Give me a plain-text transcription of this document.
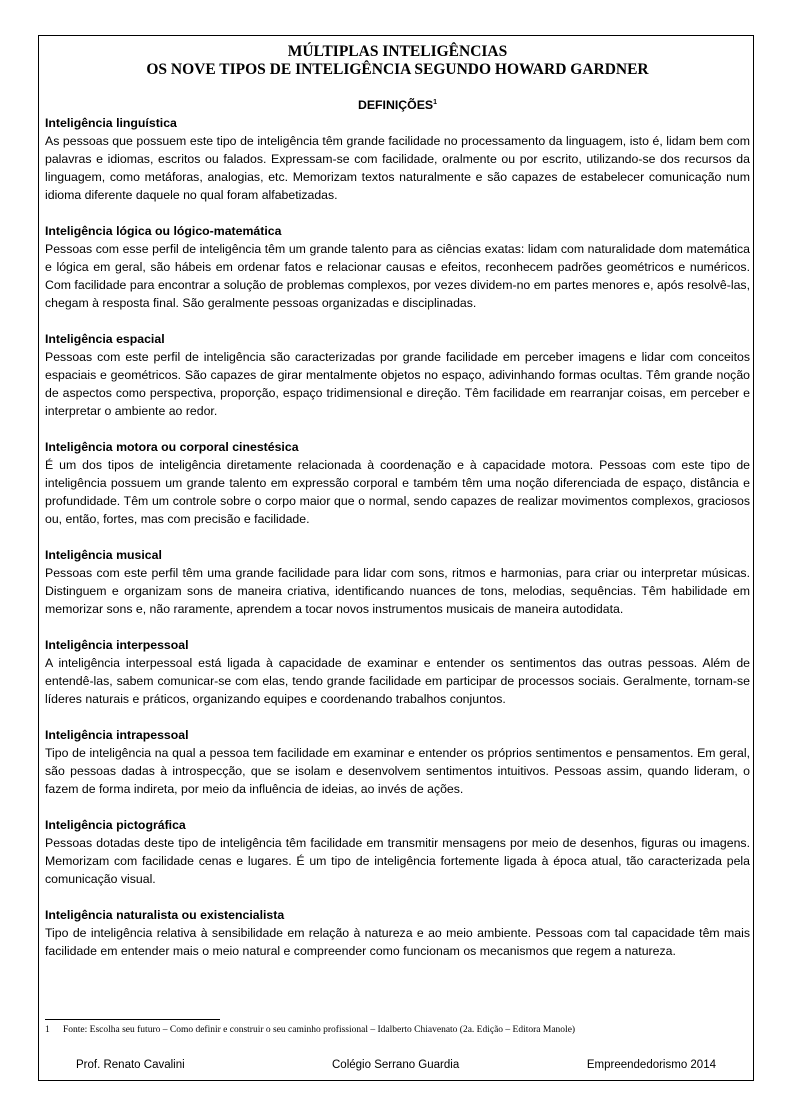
MÚLTIPLAS INTELIGÊNCIAS
OS NOVE TIPOS DE INTELIGÊNCIA SEGUNDO HOWARD GARDNER
DEFINIÇÕES$^1$
Inteligência linguística
As pessoas que possuem este tipo de inteligência têm grande facilidade no processamento da linguagem, isto é, lidam bem com palavras e idiomas, escritos ou falados. Expressam-se com facilidade, oralmente ou por escrito, utilizando-se dos recursos da linguagem, como metáforas, analogias, etc. Memorizam textos naturalmente e são capazes de estabelecer comunicação num idioma diferente daquele no qual foram alfabetizadas.
Inteligência lógica ou lógico-matemática
Pessoas com esse perfil de inteligência têm um grande talento para as ciências exatas: lidam com naturalidade dom matemática e lógica em geral, são hábeis em ordenar fatos e relacionar causas e efeitos, reconhecem padrões geométricos e numéricos. Com facilidade para encontrar a solução de problemas complexos, por vezes dividem-no em partes menores e, após resolvê-las, chegam à resposta final. São geralmente pessoas organizadas e disciplinadas.
Inteligência espacial
Pessoas com este perfil de inteligência são caracterizadas por grande facilidade em perceber imagens e lidar com conceitos espaciais e geométricos. São capazes de girar mentalmente objetos no espaço, adivinhando formas ocultas. Têm grande noção de aspectos como perspectiva, proporção, espaço tridimensional e direção. Têm facilidade em rearranjar coisas, em perceber e interpretar o ambiente ao redor.
Inteligência motora ou corporal cinestésica
É um dos tipos de inteligência diretamente relacionada à coordenação e à capacidade motora. Pessoas com este tipo de inteligência possuem um grande talento em expressão corporal e também têm uma noção diferenciada de espaço, distância e profundidade. Têm um controle sobre o corpo maior que o normal, sendo capazes de realizar movimentos complexos, graciosos ou, então, fortes, mas com precisão e facilidade.
Inteligência musical
Pessoas com este perfil têm uma grande facilidade para lidar com sons, ritmos e harmonias, para criar ou interpretar músicas. Distinguem e organizam sons de maneira criativa, identificando nuances de tons, melodias, sequências. Têm habilidade em memorizar sons e, não raramente, aprendem a tocar novos instrumentos musicais de maneira autodidata.
Inteligência interpessoal
A inteligência interpessoal está ligada à capacidade de examinar e entender os sentimentos das outras pessoas. Além de entendê-las, sabem comunicar-se com elas, tendo grande facilidade em participar de processos sociais. Geralmente, tornam-se líderes naturais e práticos, organizando equipes e coordenando trabalhos conjuntos.
Inteligência intrapessoal
Tipo de inteligência na qual a pessoa tem facilidade em examinar e entender os próprios sentimentos e pensamentos. Em geral, são pessoas dadas à introspecção, que se isolam e desenvolvem sentimentos intuitivos. Pessoas assim, quando lideram, o fazem de forma indireta, por meio da influência de ideias, ao invés de ações.
Inteligência pictográfica
Pessoas dotadas deste tipo de inteligência têm facilidade em transmitir mensagens por meio de desenhos, figuras ou imagens. Memorizam com facilidade cenas e lugares. É um tipo de inteligência fortemente ligada à época atual, tão caracterizada pela comunicação visual.
Inteligência naturalista ou existencialista
Tipo de inteligência relativa à sensibilidade em relação à natureza e ao meio ambiente. Pessoas com tal capacidade têm mais facilidade em entender mais o meio natural e compreender como funcionam os mecanismos que regem a natureza.
1 Fonte: Escolha seu futuro – Como definir e construir o seu caminho profissional – Idalberto Chiavenato (2a. Edição – Editora Manole)
Prof. Renato Cavalini	Colégio Serrano Guardia	Empreendedorismo 2014
